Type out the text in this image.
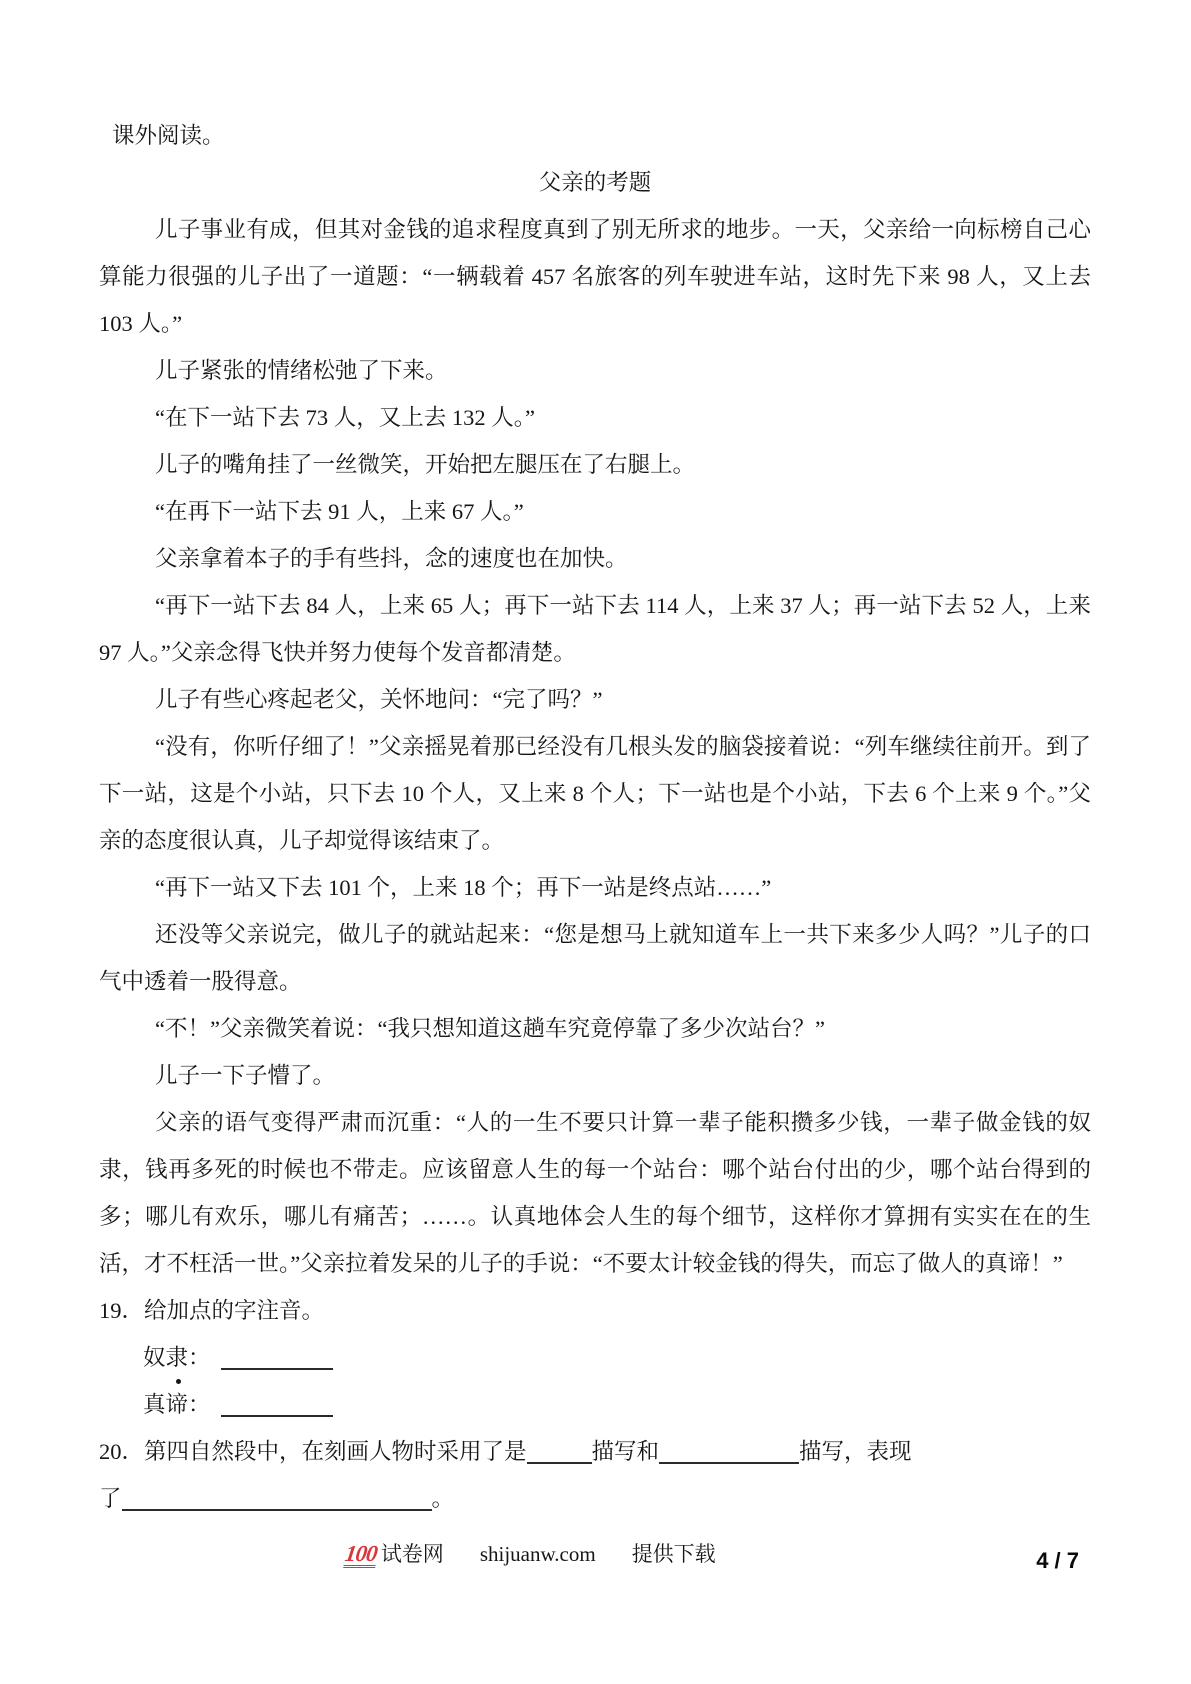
课外阅读。

父亲的考题

儿子事业有成，但其对金钱的追求程度真到了别无所求的地步。一天，父亲给一向标榜自己心算能力很强的儿子出了一道题：“一辆载着 457 名旅客的列车驶进车站，这时先下来 98 人，又上去 103 人。”

儿子紧张的情绪松弛了下来。

“在下一站下去 73 人，又上去 132 人。”

儿子的嘴角挂了一丝微笑，开始把左腿压在了右腿上。

“在再下一站下去 91 人，上来 67 人。”

父亲拿着本子的手有些抖，念的速度也在加快。

“再下一站下去 84 人，上来 65 人；再下一站下去 114 人，上来 37 人；再一站下去 52 人，上来 97 人。”父亲念得飞快并努力使每个发音都清楚。

儿子有些心疼起老父，关怀地问：“完了吗？”

“没有，你听仔细了！”父亲摇晃着那已经没有几根头发的脑袋接着说：“列车继续往前开。到了下一站，这是个小站，只下去 10 个人，又上来 8 个人；下一站也是个小站，下去 6 个上来 9 个。”父亲的态度很认真，儿子却觉得该结束了。

“再下一站又下去 101 个，上来 18 个；再下一站是终点站……”

还没等父亲说完，做儿子的就站起来：“您是想马上就知道车上一共下来多少人吗？”儿子的口气中透着一股得意。

“不！”父亲微笑着说：“我只想知道这趟车究竟停靠了多少次站台？”

儿子一下子懵了。

父亲的语气变得严肃而沉重：“人的一生不要只计算一辈子能积攒多少钱，一辈子做金钱的奴隶，钱再多死的时候也不带走。应该留意人生的每一个站台：哪个站台付出的少，哪个站台得到的多；哪儿有欢乐，哪儿有痛苦；……。认真地体会人生的每个细节，这样你才算拥有实实在在的生活，才不枉活一世。”父亲拉着发呆的儿子的手说：“不要太计较金钱的得失，而忘了做人的真谛！”

19．给加点的字注音。
奴隶：
真谛：
20．第四自然段中，在刻画人物时采用了是	描写和	描写，表现
了	。
100试卷网 shijuanw.com 提供下载	4 / 7
